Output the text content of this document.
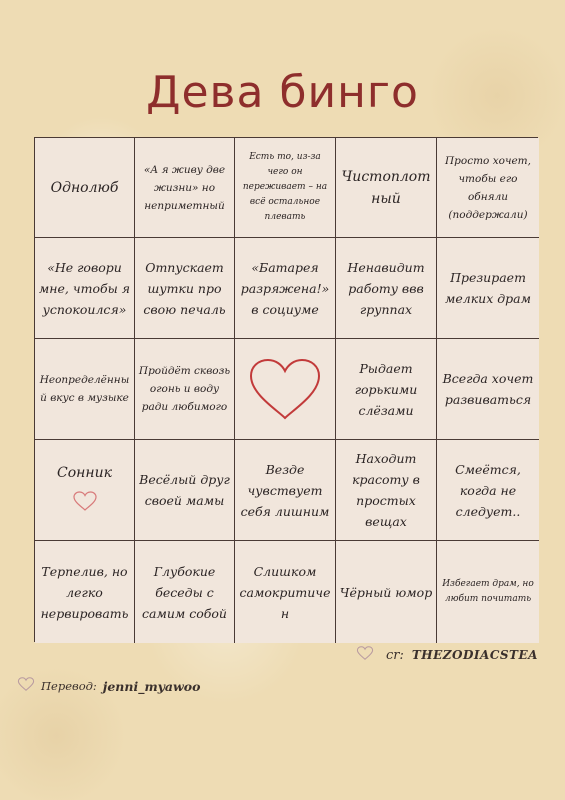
Дева бинго
Однолюб
«А я живу две жизни» но неприметный
Есть то, из-за чего он переживает – на всё остальное плевать
Чистоплотный
Просто хочет, чтобы его обняли (поддержали)
«Не говори мне, чтобы я успокоился»
Отпускает шутки про свою печаль
«Батарея разряжена!» в социуме
Ненавидит работу ввв группах
Презирает мелких драм
Неопределённый вкус в музыке
Пройдёт сквозь огонь и воду ради любимого
Рыдает горькими слёзами
Всегда хочет развиваться
Сонник Весёлый друг своей мамы
Везде чувствует себя лишним
Находит красоту в простых вещах
Смеётся, когда не следует..
Терпелив, но легко нервировать
Глубокие беседы с самим собой
Слишком самокритичен
Чёрный юмор
Избегает драм, но любит почитать
cr: THEZODIACSTEA
Перевод: jenni_myawoo
